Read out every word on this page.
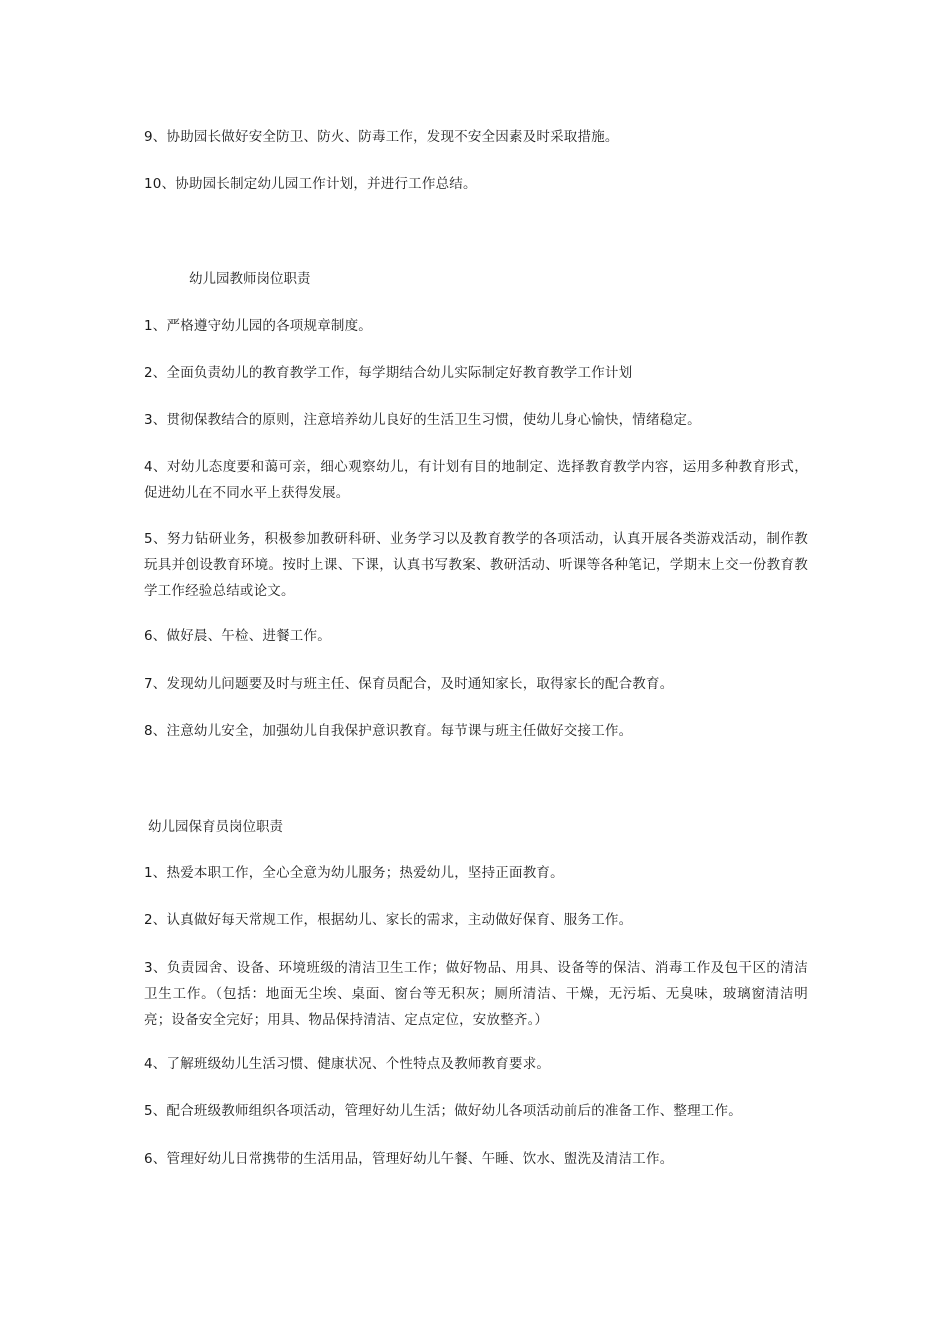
9、协助园长做好安全防卫、防火、防毒工作，发现不安全因素及时采取措施。

10、协助园长制定幼儿园工作计划，并进行工作总结。

幼儿园教师岗位职责

1、严格遵守幼儿园的各项规章制度。

2、全面负责幼儿的教育教学工作，每学期结合幼儿实际制定好教育教学工作计划

3、贯彻保教结合的原则，注意培养幼儿良好的生活卫生习惯，使幼儿身心愉快，情绪稳定。

4、对幼儿态度要和蔼可亲，细心观察幼儿，有计划有目的地制定、选择教育教学内容，运用多种教育形式，促进幼儿在不同水平上获得发展。

5、努力钻研业务，积极参加教研科研、业务学习以及教育教学的各项活动，认真开展各类游戏活动，制作教玩具并创设教育环境。按时上课、下课，认真书写教案、教研活动、听课等各种笔记，学期末上交一份教育教学工作经验总结或论文。

6、做好晨、午检、进餐工作。

7、发现幼儿问题要及时与班主任、保育员配合，及时通知家长，取得家长的配合教育。

8、注意幼儿安全，加强幼儿自我保护意识教育。每节课与班主任做好交接工作。

幼儿园保育员岗位职责

1、热爱本职工作，全心全意为幼儿服务；热爱幼儿，坚持正面教育。

2、认真做好每天常规工作，根据幼儿、家长的需求，主动做好保育、服务工作。

3、负责园舍、设备、环境班级的清洁卫生工作；做好物品、用具、设备等的保洁、消毒工作及包干区的清洁卫生工作。（包括：地面无尘埃、桌面、窗台等无积灰；厕所清洁、干燥，无污垢、无臭味，玻璃窗清洁明亮；设备安全完好；用具、物品保持清洁、定点定位，安放整齐。）

4、了解班级幼儿生活习惯、健康状况、个性特点及教师教育要求。

5、配合班级教师组织各项活动，管理好幼儿生活；做好幼儿各项活动前后的准备工作、整理工作。

6、管理好幼儿日常携带的生活用品，管理好幼儿午餐、午睡、饮水、盥洗及清洁工作。
